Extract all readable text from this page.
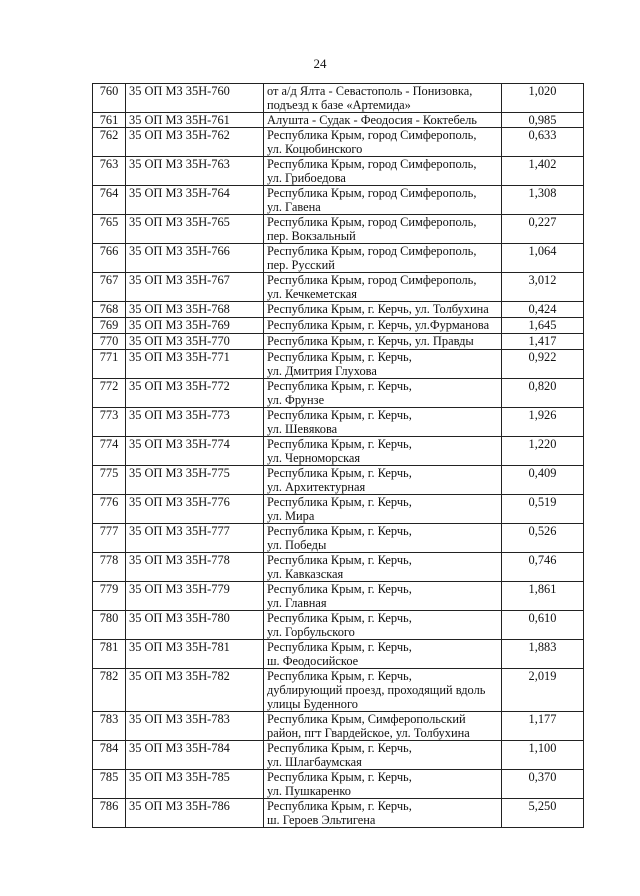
24
760	35 ОП МЗ 35Н-760	от а/д Ялта - Севастополь - Понизовка,
подъезд к базе «Артемида»	1,020
761	35 ОП МЗ 35Н-761	Алушта - Судак - Феодосия - Коктебель	0,985
762	35 ОП МЗ 35Н-762	Республика Крым, город Симферополь,
ул. Коцюбинского	0,633
763	35 ОП МЗ 35Н-763	Республика Крым, город Симферополь,
ул. Грибоедова	1,402
764	35 ОП МЗ 35Н-764	Республика Крым, город Симферополь,
ул. Гавена	1,308
765	35 ОП МЗ 35Н-765	Республика Крым, город Симферополь,
пер. Вокзальный	0,227
766	35 ОП МЗ 35Н-766	Республика Крым, город Симферополь,
пер. Русский	1,064
767	35 ОП МЗ 35Н-767	Республика Крым, город Симферополь,
ул. Кечкеметская	3,012
768	35 ОП МЗ 35Н-768	Республика Крым, г. Керчь, ул. Толбухина	0,424
769	35 ОП МЗ 35Н-769	Республика Крым, г. Керчь, ул.Фурманова	1,645
770	35 ОП МЗ 35Н-770	Республика Крым, г. Керчь, ул. Правды	1,417
771	35 ОП МЗ 35Н-771	Республика Крым, г. Керчь,
ул. Дмитрия Глухова	0,922
772	35 ОП МЗ 35Н-772	Республика Крым, г. Керчь,
ул. Фрунзе	0,820
773	35 ОП МЗ 35Н-773	Республика Крым, г. Керчь,
ул. Шевякова	1,926
774	35 ОП МЗ 35Н-774	Республика Крым, г. Керчь,
ул. Черноморская	1,220
775	35 ОП МЗ 35Н-775	Республика Крым, г. Керчь,
ул. Архитектурная	0,409
776	35 ОП МЗ 35Н-776	Республика Крым, г. Керчь,
ул. Мира	0,519
777	35 ОП МЗ 35Н-777	Республика Крым, г. Керчь,
ул. Победы	0,526
778	35 ОП МЗ 35Н-778	Республика Крым, г. Керчь,
ул. Кавказская	0,746
779	35 ОП МЗ 35Н-779	Республика Крым, г. Керчь,
ул. Главная	1,861
780	35 ОП МЗ 35Н-780	Республика Крым, г. Керчь,
ул. Горбульского	0,610
781	35 ОП МЗ 35Н-781	Республика Крым, г. Керчь,
ш. Феодосийское	1,883
782	35 ОП МЗ 35Н-782	Республика Крым, г. Керчь,
дублирующий проезд, проходящий вдоль
улицы Буденного	2,019
783	35 ОП МЗ 35Н-783	Республика Крым, Симферопольский
район, пгт Гвардейское, ул. Толбухина	1,177
784	35 ОП МЗ 35Н-784	Республика Крым, г. Керчь,
ул. Шлагбаумская	1,100
785	35 ОП МЗ 35Н-785	Республика Крым, г. Керчь,
ул. Пушкаренко	0,370
786	35 ОП МЗ 35Н-786	Республика Крым, г. Керчь,
ш. Героев Эльтигена	5,250
